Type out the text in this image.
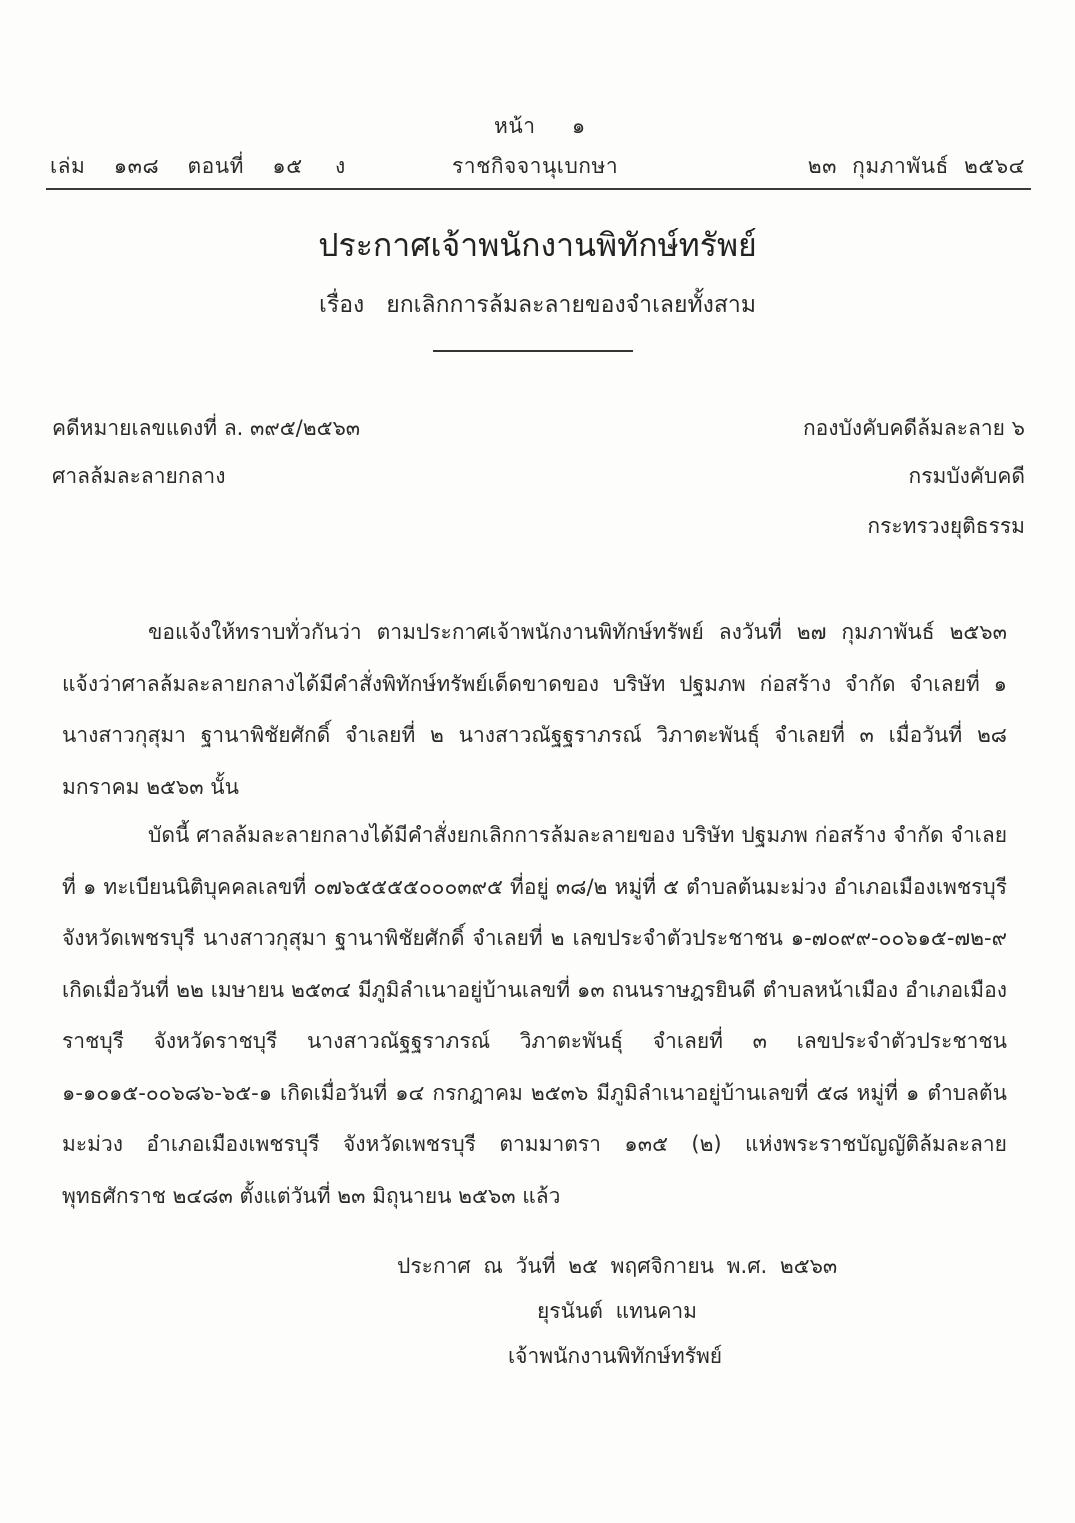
หน้า ๑
เล่ม ๑๓๘ ตอนที่ ๑๕ ง	ราชกิจจานุเบกษา	๒๓ กุมภาพันธ์ ๒๕๖๔
ประกาศเจ้าพนักงานพิทักษ์ทรัพย์
เรื่อง ยกเลิกการล้มละลายของจำเลยทั้งสาม
คดีหมายเลขแดงที่ ล. ๓๙๕/๒๕๖๓
ศาลล้มละลายกลาง
กองบังคับคดีล้มละลาย ๖
กรมบังคับคดี
กระทรวงยุติธรรม

ขอแจ้งให้ทราบทั่วกันว่า ตามประกาศเจ้าพนักงานพิทักษ์ทรัพย์ ลงวันที่ ๒๗ กุมภาพันธ์ ๒๕๖๓ แจ้งว่าศาลล้มละลายกลางได้มีคำสั่งพิทักษ์ทรัพย์เด็ดขาดของ บริษัท ปฐมภพ ก่อสร้าง จำกัด จำเลยที่ ๑ นางสาวกุสุมา ฐานาพิชัยศักดิ์ จำเลยที่ ๒ นางสาวณัฐฐราภรณ์ วิภาตะพันธุ์ จำเลยที่ ๓ เมื่อวันที่ ๒๘ มกราคม ๒๕๖๓ นั้น

บัดนี้ ศาลล้มละลายกลางได้มีคำสั่งยกเลิกการล้มละลายของ บริษัท ปฐมภพ ก่อสร้าง จำกัด จำเลยที่ ๑ ทะเบียนนิติบุคคลเลขที่ ๐๗๖๕๕๕๕๐๐๐๓๙๕ ที่อยู่ ๓๘/๒ หมู่ที่ ๕ ตำบลต้นมะม่วง อำเภอเมืองเพชรบุรี จังหวัดเพชรบุรี นางสาวกุสุมา ฐานาพิชัยศักดิ์ จำเลยที่ ๒ เลขประจำตัวประชาชน ๑-๗๐๙๙-๐๐๖๑๕-๗๒-๙ เกิดเมื่อวันที่ ๒๒ เมษายน ๒๕๓๔ มีภูมิลำเนาอยู่บ้านเลขที่ ๑๓ ถนนราษฎรยินดี ตำบลหน้าเมือง อำเภอเมืองราชบุรี จังหวัดราชบุรี นางสาวณัฐฐราภรณ์ วิภาตะพันธุ์ จำเลยที่ ๓ เลขประจำตัวประชาชน ๑-๑๐๑๕-๐๐๖๘๖-๖๕-๑ เกิดเมื่อวันที่ ๑๔ กรกฎาคม ๒๕๓๖ มีภูมิลำเนาอยู่บ้านเลขที่ ๕๘ หมู่ที่ ๑ ตำบลต้นมะม่วง อำเภอเมืองเพชรบุรี จังหวัดเพชรบุรี ตามมาตรา ๑๓๕ (๒) แห่งพระราชบัญญัติล้มละลาย พุทธศักราช ๒๔๘๓ ตั้งแต่วันที่ ๒๓ มิถุนายน ๒๕๖๓ แล้ว

ประกาศ ณ วันที่ ๒๕ พฤศจิกายน พ.ศ. ๒๕๖๓
ยุรนันต์ แทนคาม
เจ้าพนักงานพิทักษ์ทรัพย์
